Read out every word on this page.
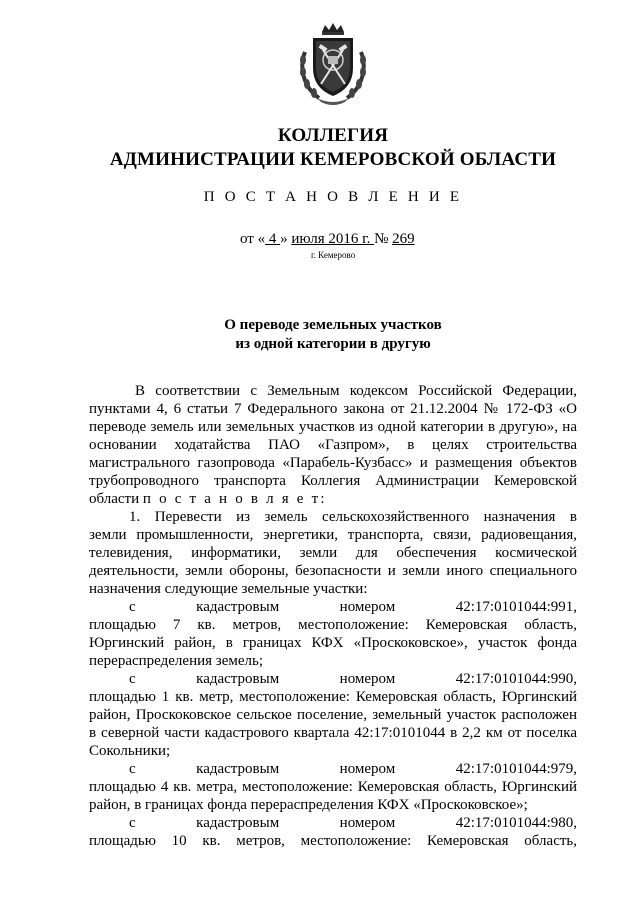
КОЛЛЕГИЯ
АДМИНИСТРАЦИИ КЕМЕРОВСКОЙ ОБЛАСТИ
П О С Т А Н О В Л Е Н И Е
от « 4 » июля 2016 г. № 269
г. Кемерово
О переводе земельных участков
из одной категории в другую
В соответствии с Земельным кодексом Российской Федерации,
пунктами 4, 6 статьи 7 Федерального закона от 21.12.2004 № 172-ФЗ «О
переводе земель или земельных участков из одной категории в другую», на
основании ходатайства ПАО «Газпром», в целях строительства
магистрального газопровода «Парабель-Кузбасс» и размещения объектов
трубопроводного транспорта Коллегия Администрации Кемеровской
области п о с т а н о в л я е т:
1. Перевести из земель сельскохозяйственного назначения в
земли промышленности, энергетики, транспорта, связи, радиовещания,
телевидения, информатики, земли для обеспечения космической
деятельности, земли обороны, безопасности и земли иного специального
назначения следующие земельные участки:
с кадастровым номером 42:17:0101044:991,
площадью 7 кв. метров, местоположение: Кемеровская область,
Юргинский район, в границах КФХ «Проскоковское», участок фонда
перераспределения земель;
с кадастровым номером 42:17:0101044:990,
площадью 1 кв. метр, местоположение: Кемеровская область, Юргинский
район, Проскоковское сельское поселение, земельный участок расположен
в северной части кадастрового квартала 42:17:0101044 в 2,2 км от поселка
Сокольники;
с кадастровым номером 42:17:0101044:979,
площадью 4 кв. метра, местоположение: Кемеровская область, Юргинский
район, в границах фонда перераспределения КФХ «Проскоковское»;
с кадастровым номером 42:17:0101044:980,
площадью 10 кв. метров, местоположение: Кемеровская область,
